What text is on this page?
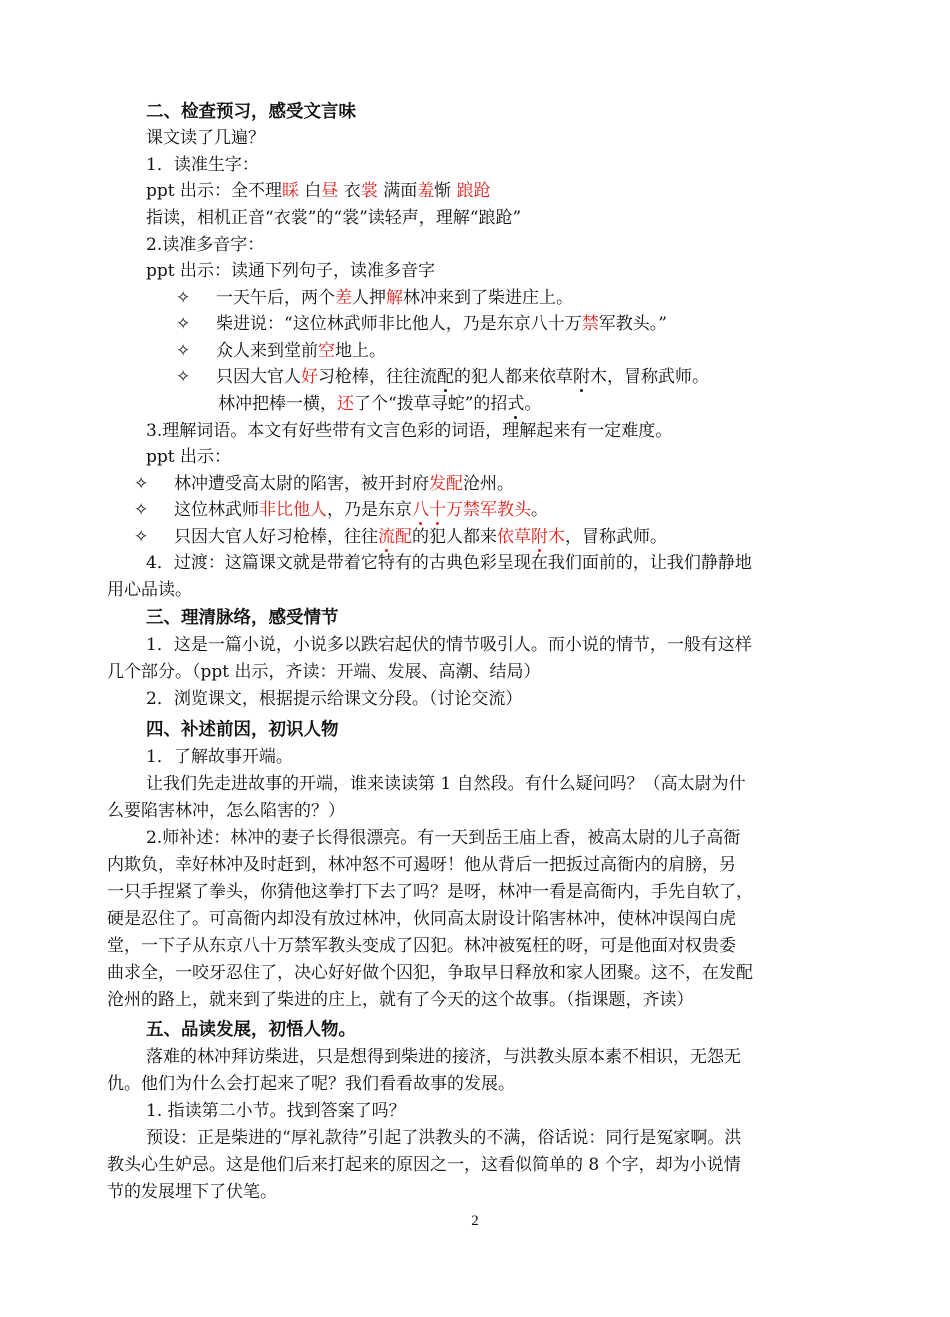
二、检查预习，感受文言味
课文读了几遍？
1．读准生字：
ppt 出示：全不理睬 白昼 衣裳 满面羞惭 踉跄
指读，相机正音“衣裳”的“裳”读轻声，理解“踉跄”
2.读准多音字：
ppt 出示：读通下列句子，读准多音字
✧ 一天午后，两个差人押解林冲来到了柴进庄上。
✧ 柴进说：“这位林武师非比他人，乃是东京八十万禁军教头。”
✧ 众人来到堂前空地上。
✧ 只因大官人好习枪棒，往往流配的犯人都来依草附木，冒称武师。
林冲把棒一横，还了个“拨草寻蛇”的招式。
3.理解词语。本文有好些带有文言色彩的词语，理解起来有一定难度。
ppt 出示：
✧ 林冲遭受高太尉的陷害，被开封府发配沧州。
✧ 这位林武师非比他人，乃是东京八十万禁军教头。
✧ 只因大官人好习枪棒，往往流配的犯人都来依草附木，冒称武师。
4．过渡：这篇课文就是带着它特有的古典色彩呈现在我们面前的，让我们静静地
用心品读。
三、理清脉络，感受情节
1．这是一篇小说，小说多以跌宕起伏的情节吸引人。而小说的情节，一般有这样
几个部分。（ppt 出示，齐读：开端、发展、高潮、结局）
2．浏览课文，根据提示给课文分段。（讨论交流）
四、补述前因，初识人物
1．了解故事开端。
让我们先走进故事的开端，谁来读读第 1 自然段。有什么疑问吗？（高太尉为什
么要陷害林冲，怎么陷害的？）
2.师补述：林冲的妻子长得很漂亮。有一天到岳王庙上香，被高太尉的儿子高衙
内欺负，幸好林冲及时赶到，林冲怒不可遏呀！他从背后一把扳过高衙内的肩膀，另
一只手捏紧了拳头，你猜他这拳打下去了吗？是呀，林冲一看是高衙内，手先自软了，
硬是忍住了。可高衙内却没有放过林冲，伙同高太尉设计陷害林冲，使林冲误闯白虎
堂，一下子从东京八十万禁军教头变成了囚犯。林冲被冤枉的呀，可是他面对权贵委
曲求全，一咬牙忍住了，决心好好做个囚犯，争取早日释放和家人团聚。这不，在发配
沧州的路上，就来到了柴进的庄上，就有了今天的这个故事。（指课题，齐读）
五、品读发展，初悟人物。
落难的林冲拜访柴进，只是想得到柴进的接济，与洪教头原本素不相识，无怨无
仇。他们为什么会打起来了呢？我们看看故事的发展。
1. 指读第二小节。找到答案了吗？
预设：正是柴进的“厚礼款待”引起了洪教头的不满，俗话说：同行是冤家啊。洪
教头心生妒忌。这是他们后来打起来的原因之一，这看似简单的 8 个字，却为小说情
节的发展埋下了伏笔。
2
